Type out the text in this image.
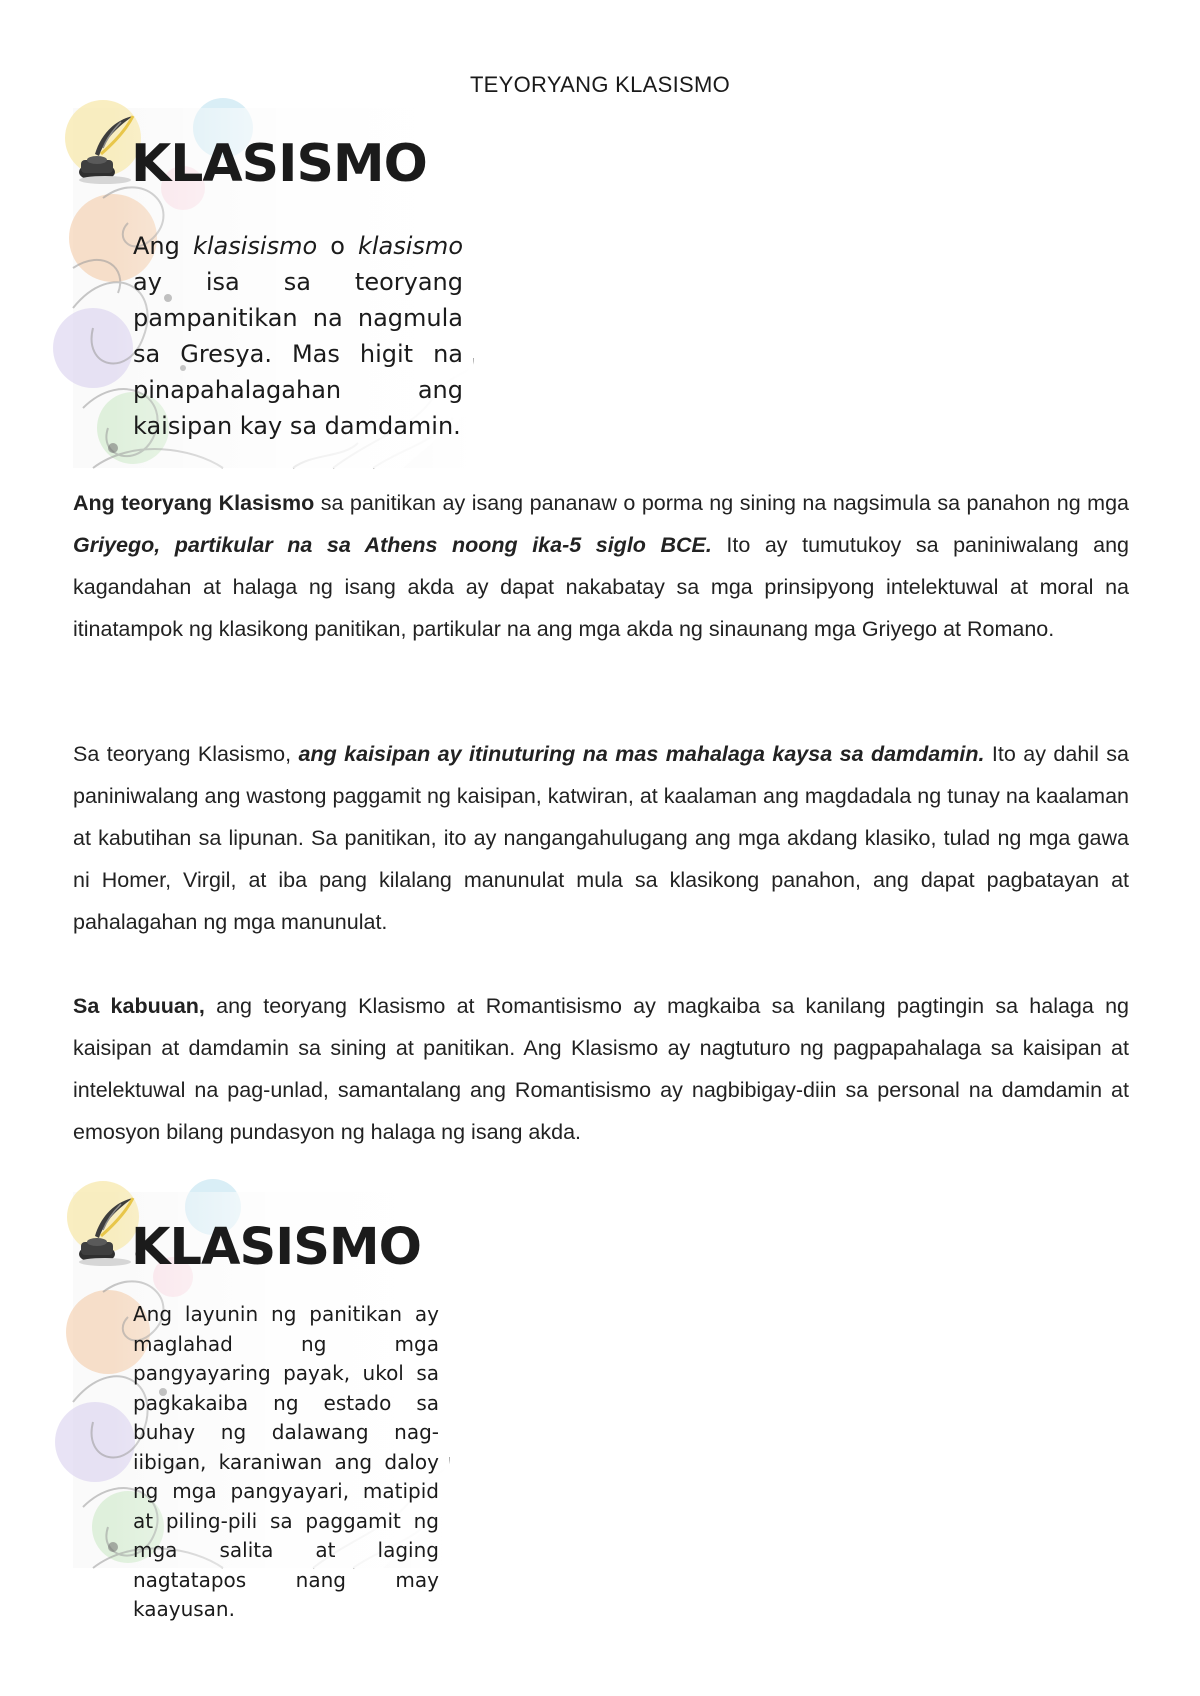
TEYORYANG KLASISMO
KLASISMO
Ang klasisismo o klasismo ay isa sa teoryang pampanitikan na nagmula sa Gresya. Mas higit na pinapahalagahan ang kaisipan kay sa damdamin.

Ang teoryang Klasismo sa panitikan ay isang pananaw o porma ng sining na nagsimula sa panahon ng mga Griyego, partikular na sa Athens noong ika-5 siglo BCE. Ito ay tumutukoy sa paniniwalang ang kagandahan at halaga ng isang akda ay dapat nakabatay sa mga prinsipyong intelektuwal at moral na itinatampok ng klasikong panitikan, partikular na ang mga akda ng sinaunang mga Griyego at Romano.

Sa teoryang Klasismo, ang kaisipan ay itinuturing na mas mahalaga kaysa sa damdamin. Ito ay dahil sa paniniwalang ang wastong paggamit ng kaisipan, katwiran, at kaalaman ang magdadala ng tunay na kaalaman at kabutihan sa lipunan. Sa panitikan, ito ay nangangahulugang ang mga akdang klasiko, tulad ng mga gawa ni Homer, Virgil, at iba pang kilalang manunulat mula sa klasikong panahon, ang dapat pagbatayan at pahalagahan ng mga manunulat.

Sa kabuuan, ang teoryang Klasismo at Romantisismo ay magkaiba sa kanilang pagtingin sa halaga ng kaisipan at damdamin sa sining at panitikan. Ang Klasismo ay nagtuturo ng pagpapahalaga sa kaisipan at intelektuwal na pag-unlad, samantalang ang Romantisismo ay nagbibigay-diin sa personal na damdamin at emosyon bilang pundasyon ng halaga ng isang akda.

KLASISMO
Ang layunin ng panitikan ay maglahad ng mga pangyayaring payak, ukol sa pagkakaiba ng estado sa buhay ng dalawang nag-iibigan, karaniwan ang daloy ng mga pangyayari, matipid at piling-pili sa paggamit ng mga salita at laging nagtatapos nang may kaayusan.
